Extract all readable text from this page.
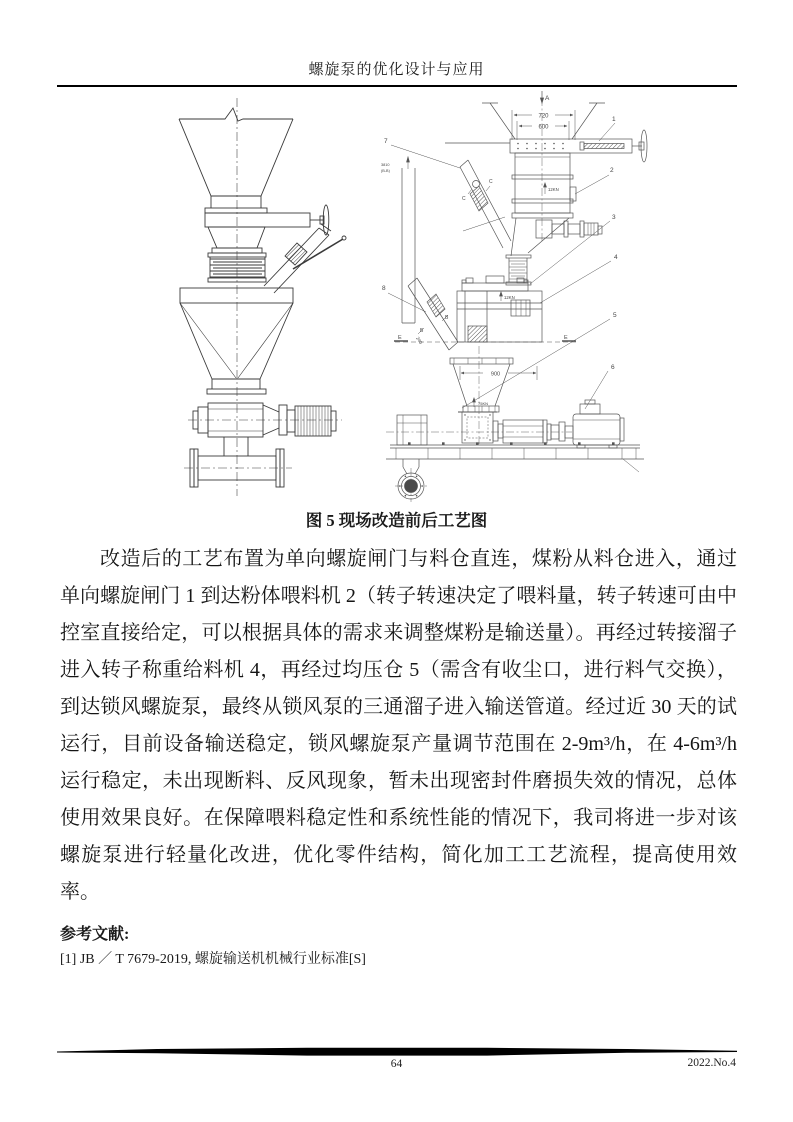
螺旋泵的优化设计与应用
A
720
600
1
12KN
2
C
C
7
3810
(B-B)
B
B
240
8
E	E
12KN
3
4
900
5
6
75KN
图 5 现场改造前后工艺图
改造后的工艺布置为单向螺旋闸门与料仓直连，煤粉从料仓进入，通过单向螺旋闸门 1 到达粉体喂料机 2（转子转速决定了喂料量，转子转速可由中控室直接给定，可以根据具体的需求来调整煤粉是输送量）。再经过转接溜子进入转子称重给料机 4，再经过均压仓 5（需含有收尘口，进行料气交换），到达锁风螺旋泵，最终从锁风泵的三通溜子进入输送管道。经过近 30 天的试运行，目前设备输送稳定，锁风螺旋泵产量调节范围在 2-9m³/h，在 4-6m³/h 运行稳定，未出现断料、反风现象，暂未出现密封件磨损失效的情况，总体使用效果良好。在保障喂料稳定性和系统性能的情况下，我司将进一步对该螺旋泵进行轻量化改进，优化零件结构，简化加工工艺流程，提高使用效率。
参考文献:
[1] JB ／ T 7679-2019, 螺旋输送机机械行业标准[S]
64	2022.No.4
